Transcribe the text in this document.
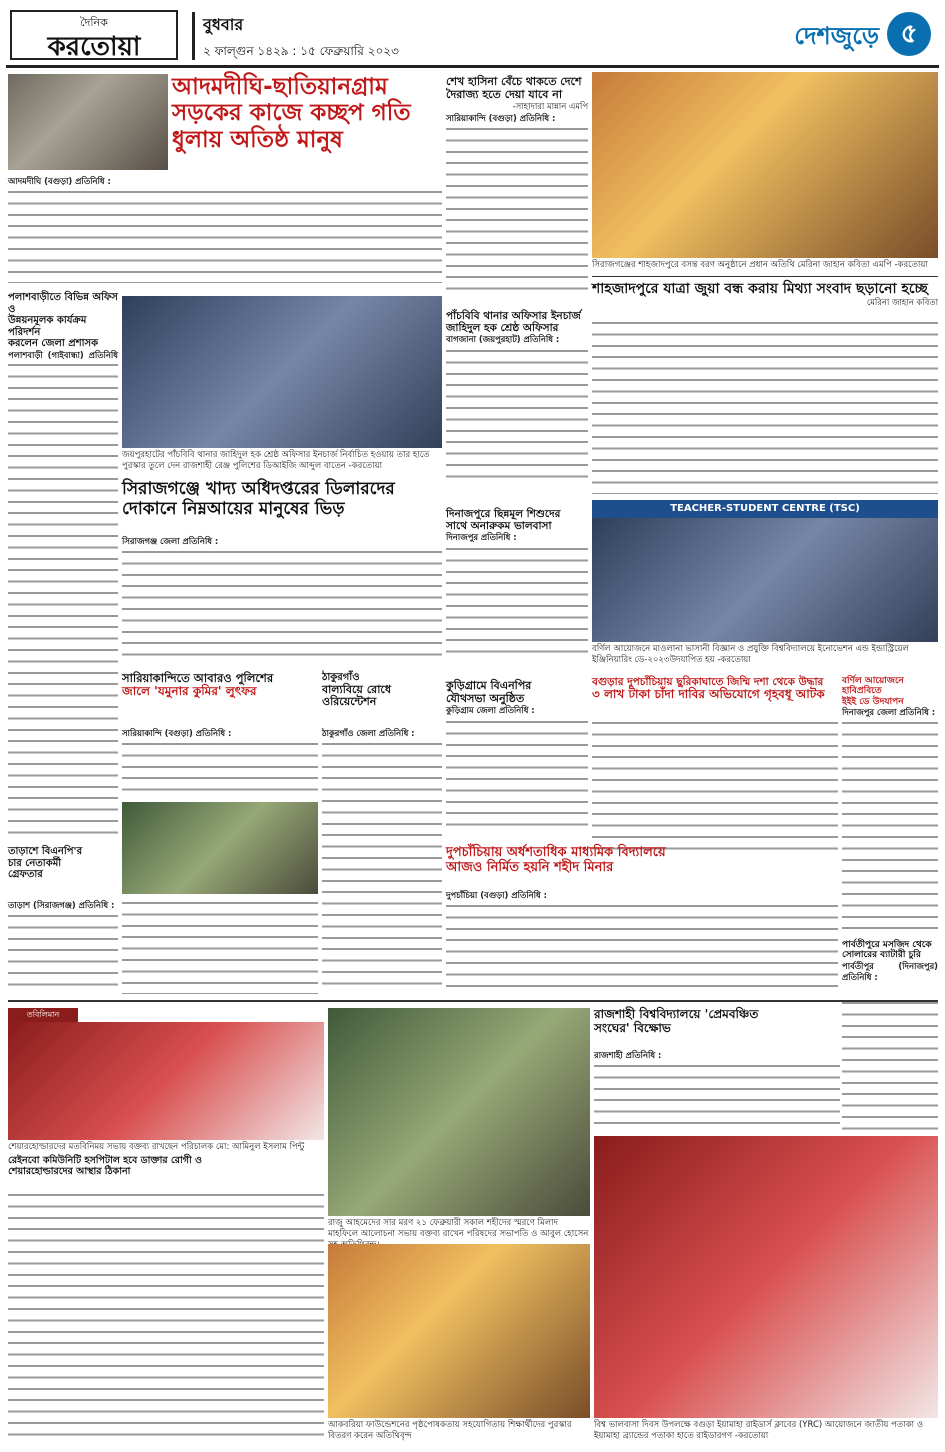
দৈনিক
করতোয়া
বুধবার
২ ফাল্গুন ১৪২৯ : ১৫ ফেব্রুয়ারি ২০২৩
দেশজুড়ে ৫
আদমদীঘি-ছাতিয়ানগ্রাম
সড়কের কাজে কচ্ছপ গতি
ধুলায় অতিষ্ঠ মানুষ
আদমদীঘি (বগুড়া) প্রতিনিধি :
শেখ হাসিনা বেঁচে থাকতে দেশে
দৈরাজ্য হতে দেয়া যাবে না
-সাহাদারা মান্নান এমপি
সারিয়াকান্দি (বগুড়া) প্রতিনিধি :
সিরাজগঞ্জের শাহজাদপুরে বসন্ত বরণ অনুষ্ঠানে প্রধান অতিথি মেরিনা জাহান কবিতা এমপি -করতোয়া
শাহজাদপুরে যাত্রা জুয়া বন্ধ করায় মিথ্যা সংবাদ ছড়ানো হচ্ছে
মেরিনা জাহান কবিতা
পলাশবাড়ীতে বিভিন্ন অফিস ও
উন্নয়নমূলক কার্যক্রম পরিদর্শন
করলেন জেলা প্রশাসক
পলাশবাড়ী (গাইবান্ধা) প্রতিনিধি
জয়পুরহাটের পাঁচবিবি থানার জাহিদুল হক শ্রেষ্ঠ অফিসার ইনচার্জ নির্বাচিত হওয়ায় তার হাতে পুরস্কার তুলে দেন রাজশাহী রেঞ্জ পুলিশের ডিআইজি আব্দুল বাতেন -করতোয়া
পাঁচবিবি থানার অফিসার ইনচার্জ
জাহিদুল হক শ্রেষ্ঠ অফিসার
বাগজানা (জয়পুরহাট) প্রতিনিধি :
দিনাজপুরে ছিন্নমূল শিশুদের
সাথে অনারুকম ভালবাসা
দিনাজপুর প্রতিনিধি :
সিরাজগঞ্জে খাদ্য অধিদপ্তরের ডিলারদের
দোকানে নিম্নআয়ের মানুষের ভিড়
সিরাজগঞ্জ জেলা প্রতিনিধি :
TEACHER-STUDENT CENTRE (TSC)
বর্ণিল আয়োজনে মাওলানা ভাসানী বিজ্ঞান ও প্রযুক্তি বিশ্ববিদ্যালয়ে ইনোভেশন এন্ড ইন্ডাস্ট্রিয়েল ইঞ্জিনিয়ারিং ডে-২০২৩উদযাপিত হয় -করতোয়া
কুড়িগ্রামে বিএনপির
যৌথসভা অনুষ্ঠিত
কুড়িগ্রাম জেলা প্রতিনিধি :
বগুড়ার দুপচাঁচিয়ায় ছুরিকাঘাতে জিম্মি দশা থেকে উদ্ধার
৩ লাখ টাকা চাঁদা দাবির অভিযোগে গৃহবধূ আটক
বর্ণিল আয়োজনে হাবিপ্রবিতে
ইইই ডে উদযাপন
দিনাজপুর জেলা প্রতিনিধি :
সারিয়াকান্দিতে আবারও পুলিশের
জালে 'যমুনার কুমির' লুৎফর
সারিয়াকান্দি (বগুড়া) প্রতিনিধি :
ঠাকুরগাঁও
বাল্যবিয়ে রোধে
ওরিয়েন্টেশন
ঠাকুরগাঁও জেলা প্রতিনিধি :
তাড়াশে বিএনপি'র
চার নেতাকর্মী
গ্রেফতার
তাড়াশ (সিরাজগঞ্জ) প্রতিনিধি :
দুপচাঁচিয়ায় অর্ধশতাধিক মাধ্যমিক বিদ্যালয়ে
আজও নির্মিত হয়নি শহীদ মিনার
দুপচাঁচিয়া (বগুড়া) প্রতিনিধি :
পার্বতীপুরে মসজিদ থেকে
সোলারের ব্যাটারী চুরি
পার্বতীপুর (দিনাজপুর) প্রতিনিধি :
তবিলিমান
শেয়ারহোল্ডারদের মতবিনিময় সভায় বক্তব্য রাখছেন পরিচালক মো: আমিনুল ইসলাম পিন্টু
রেইনবো কমিউনিটি হসপিটাল হবে ডাক্তার রোগী ও
শেয়ারহোল্ডারদের আস্থার ঠিকানা
রাজু আহমেদের সার মরণ ২১ ফেব্রুয়ারী সকাল শহীদের স্মরণে মিলাদ মাহফিলে আলোচনা সভায় বক্তব্য রাখেন পরিষদের সভাপতি ও আবুল হোসেন
আকবরিয়া ফাউন্ডেশনের পৃষ্ঠপোষকতায় সহযোগিতায় শিক্ষার্থীদের পুরস্কার বিতরণ করেন অতিথিবৃন্দ
রাজশাহী বিশ্ববিদ্যালয়ে 'প্রেমবঞ্চিত
সংঘের' বিক্ষোভ
রাজশাহী প্রতিনিধি :
বিশ্ব ভালবাসা দিবস উপলক্ষে বগুড়া ইয়ামাহা রাইডার্স ক্লাবের (YRC) আয়োজনে জাতীয় পতাকা ও ইয়ামাহা ব্র্যান্ডের পতাকা হাতে রাইডারগণ -করতোয়া
